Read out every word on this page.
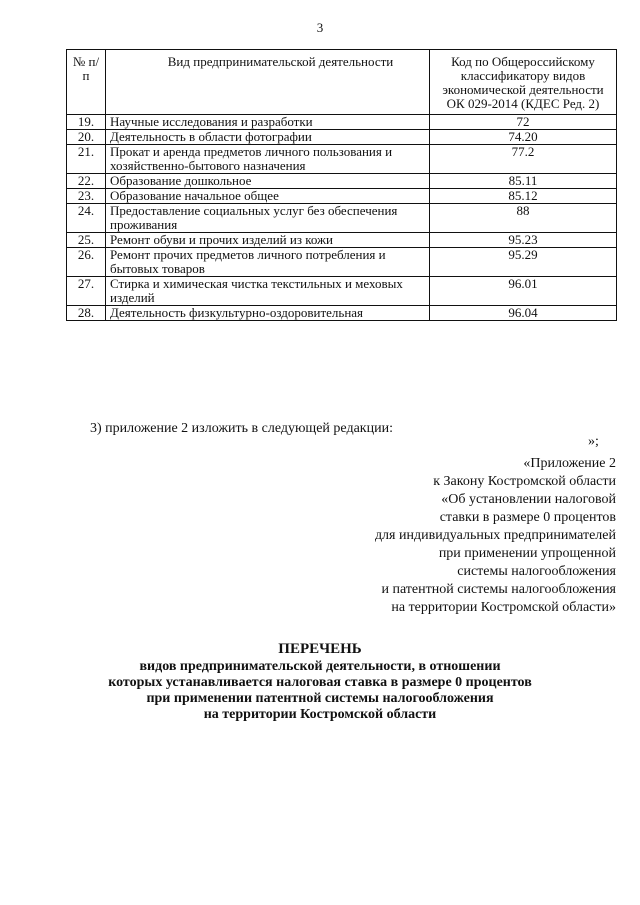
3
№ п/п	Вид предпринимательской деятельности	Код по Общероссийскому классификатору видов экономической деятельности ОК 029-2014 (КДЕС Ред. 2)
19.	Научные исследования и разработки	72
20.	Деятельность в области фотографии	74.20
21.	Прокат и аренда предметов личного пользования и хозяйственно-бытового назначения	77.2
22.	Образование дошкольное	85.11
23.	Образование начальное общее	85.12
24.	Предоставление социальных услуг без обеспечения проживания	88
25.	Ремонт обуви и прочих изделий из кожи	95.23
26.	Ремонт прочих предметов личного потребления и бытовых товаров	95.29
27.	Стирка и химическая чистка текстильных и меховых изделий	96.01
28.	Деятельность физкультурно-оздоровительная	96.04
3) приложение 2 изложить в следующей редакции:
»;
«Приложение 2
к Закону Костромской области
«Об установлении налоговой
ставки в размере 0 процентов
для индивидуальных предпринимателей
при применении упрощенной
системы налогообложения
и патентной системы налогообложения
на территории Костромской области»
ПЕРЕЧЕНЬ
видов предпринимательской деятельности, в отношении
которых устанавливается налоговая ставка в размере 0 процентов
при применении патентной системы налогообложения
на территории Костромской области
